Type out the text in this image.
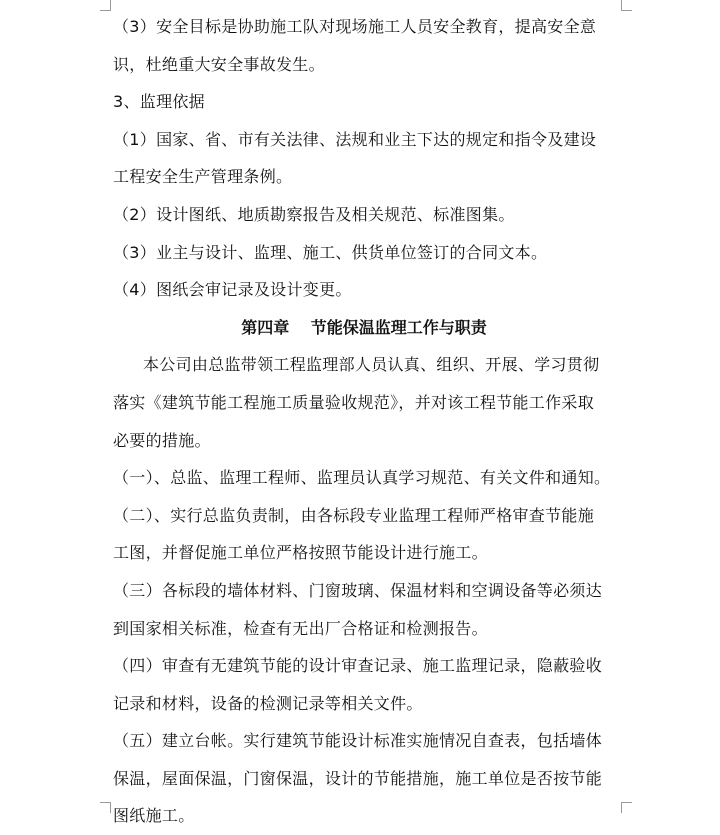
（3）安全目标是协助施工队对现场施工人员安全教育，提高安全意
识，杜绝重大安全事故发生。
3、监理依据
（1）国家、省、市有关法律、法规和业主下达的规定和指令及建设
工程安全生产管理条例。
（2）设计图纸、地质勘察报告及相关规范、标准图集。
（3）业主与设计、监理、施工、供货单位签订的合同文本。
（4）图纸会审记录及设计变更。
第四章　 节能保温监理工作与职责
本公司由总监带领工程监理部人员认真、组织、开展、学习贯彻
落实《建筑节能工程施工质量验收规范》，并对该工程节能工作采取
必要的措施。
（一）、总监、监理工程师、监理员认真学习规范、有关文件和通知。
（二）、实行总监负责制，由各标段专业监理工程师严格审查节能施
工图，并督促施工单位严格按照节能设计进行施工。
（三）各标段的墙体材料、门窗玻璃、保温材料和空调设备等必须达
到国家相关标准，检查有无出厂合格证和检测报告。
（四）审查有无建筑节能的设计审查记录、施工监理记录，隐蔽验收
记录和材料，设备的检测记录等相关文件。
（五）建立台帐。实行建筑节能设计标准实施情况自查表，包括墙体
保温，屋面保温，门窗保温，设计的节能措施，施工单位是否按节能
图纸施工。
